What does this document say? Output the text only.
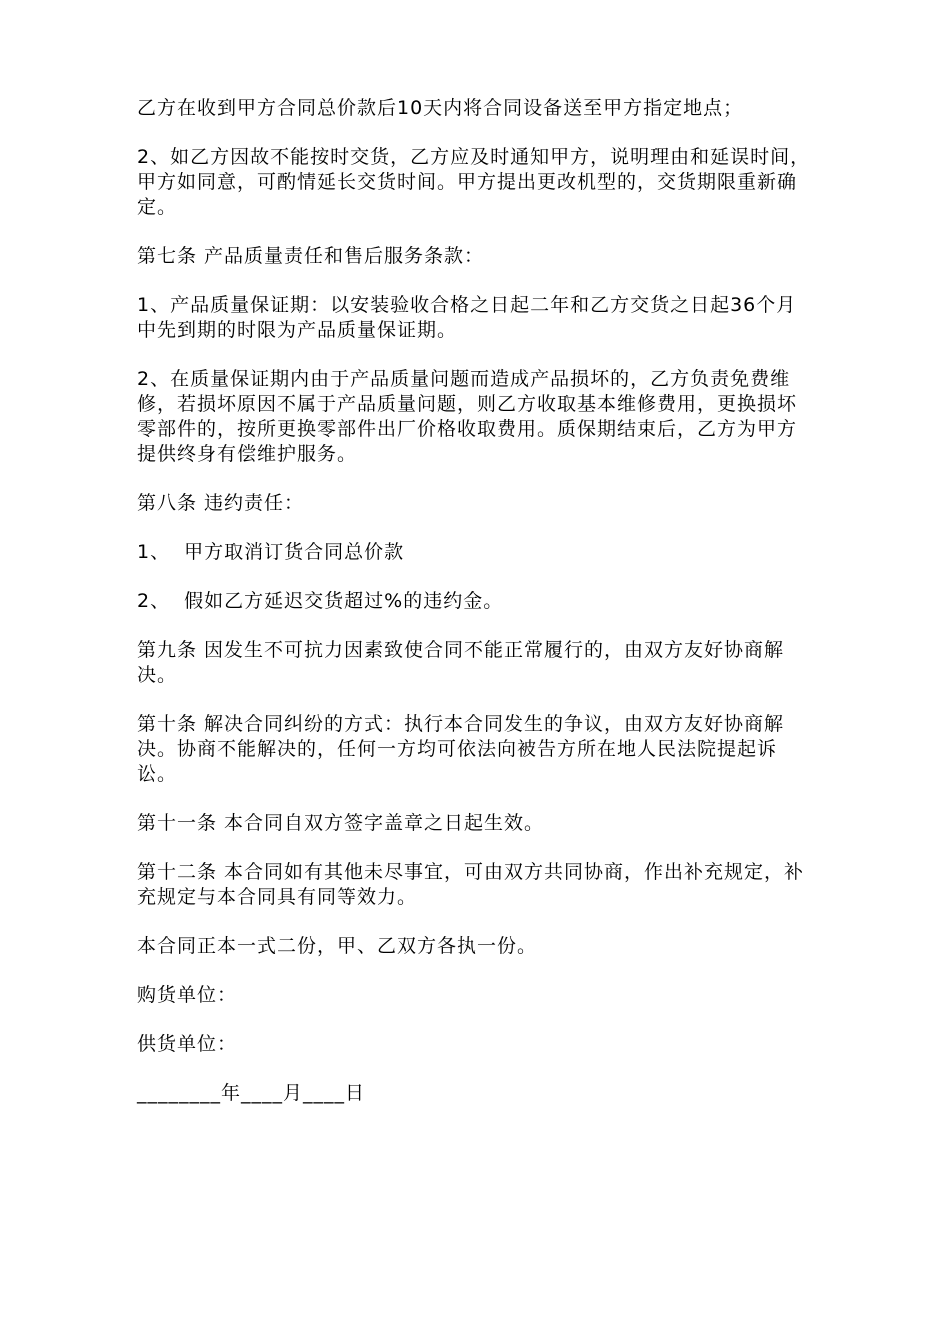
乙方在收到甲方合同总价款后10天内将合同设备送至甲方指定地点；

2、如乙方因故不能按时交货，乙方应及时通知甲方，说明理由和延误时间，甲方如同意，可酌情延长交货时间。甲方提出更改机型的，交货期限重新确定。

第七条 产品质量责任和售后服务条款：

1、产品质量保证期：以安装验收合格之日起二年和乙方交货之日起36个月中先到期的时限为产品质量保证期。

2、在质量保证期内由于产品质量问题而造成产品损坏的，乙方负责免费维修，若损坏原因不属于产品质量问题，则乙方收取基本维修费用，更换损坏零部件的，按所更换零部件出厂价格收取费用。质保期结束后，乙方为甲方提供终身有偿维护服务。

第八条 违约责任：

1、  甲方取消订货合同总价款

2、  假如乙方延迟交货超过%的违约金。

第九条 因发生不可抗力因素致使合同不能正常履行的，由双方友好协商解决。

第十条 解决合同纠纷的方式：执行本合同发生的争议，由双方友好协商解决。协商不能解决的，任何一方均可依法向被告方所在地人民法院提起诉讼。

第十一条 本合同自双方签字盖章之日起生效。

第十二条 本合同如有其他未尽事宜，可由双方共同协商，作出补充规定，补充规定与本合同具有同等效力。

本合同正本一式二份，甲、乙双方各执一份。

购货单位：

供货单位：

________年____月____日
